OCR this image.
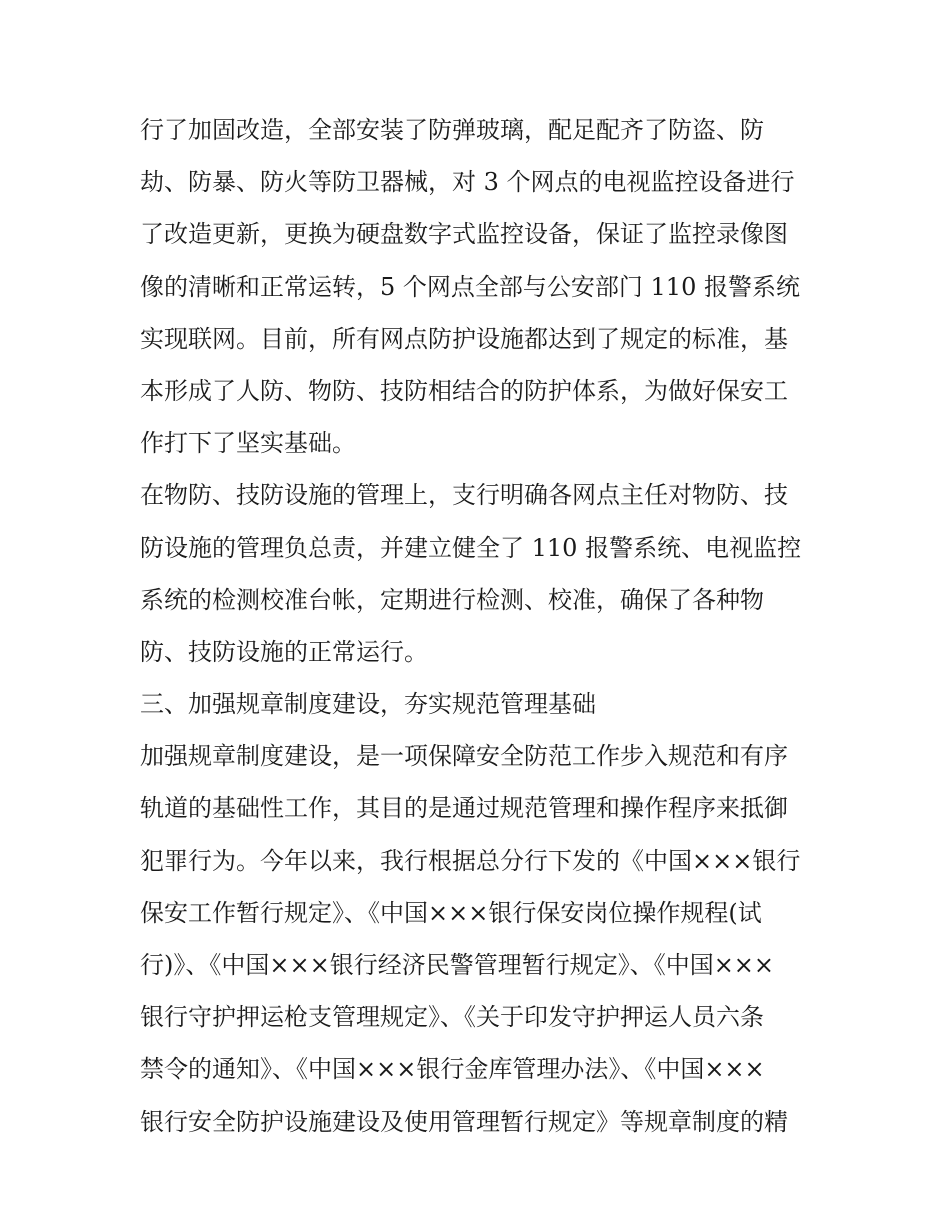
行了加固改造，全部安装了防弹玻璃，配足配齐了防盗、防
劫、防暴、防火等防卫器械，对 3 个网点的电视监控设备进行
了改造更新，更换为硬盘数字式监控设备，保证了监控录像图
像的清晰和正常运转，5 个网点全部与公安部门 110 报警系统
实现联网。目前，所有网点防护设施都达到了规定的标准，基
本形成了人防、物防、技防相结合的防护体系，为做好保安工
作打下了坚实基础。
在物防、技防设施的管理上，支行明确各网点主任对物防、技
防设施的管理负总责，并建立健全了 110 报警系统、电视监控
系统的检测校准台帐，定期进行检测、校准，确保了各种物
防、技防设施的正常运行。
三、加强规章制度建设，夯实规范管理基础
加强规章制度建设，是一项保障安全防范工作步入规范和有序
轨道的基础性工作，其目的是通过规范管理和操作程序来抵御
犯罪行为。今年以来，我行根据总分行下发的《中国×××银行
保安工作暂行规定》、《中国×××银行保安岗位操作规程(试
行)》、《中国×××银行经济民警管理暂行规定》、《中国×××
银行守护押运枪支管理规定》、《关于印发守护押运人员六条
禁令的通知》、《中国×××银行金库管理办法》、《中国×××
银行安全防护设施建设及使用管理暂行规定》等规章制度的精
